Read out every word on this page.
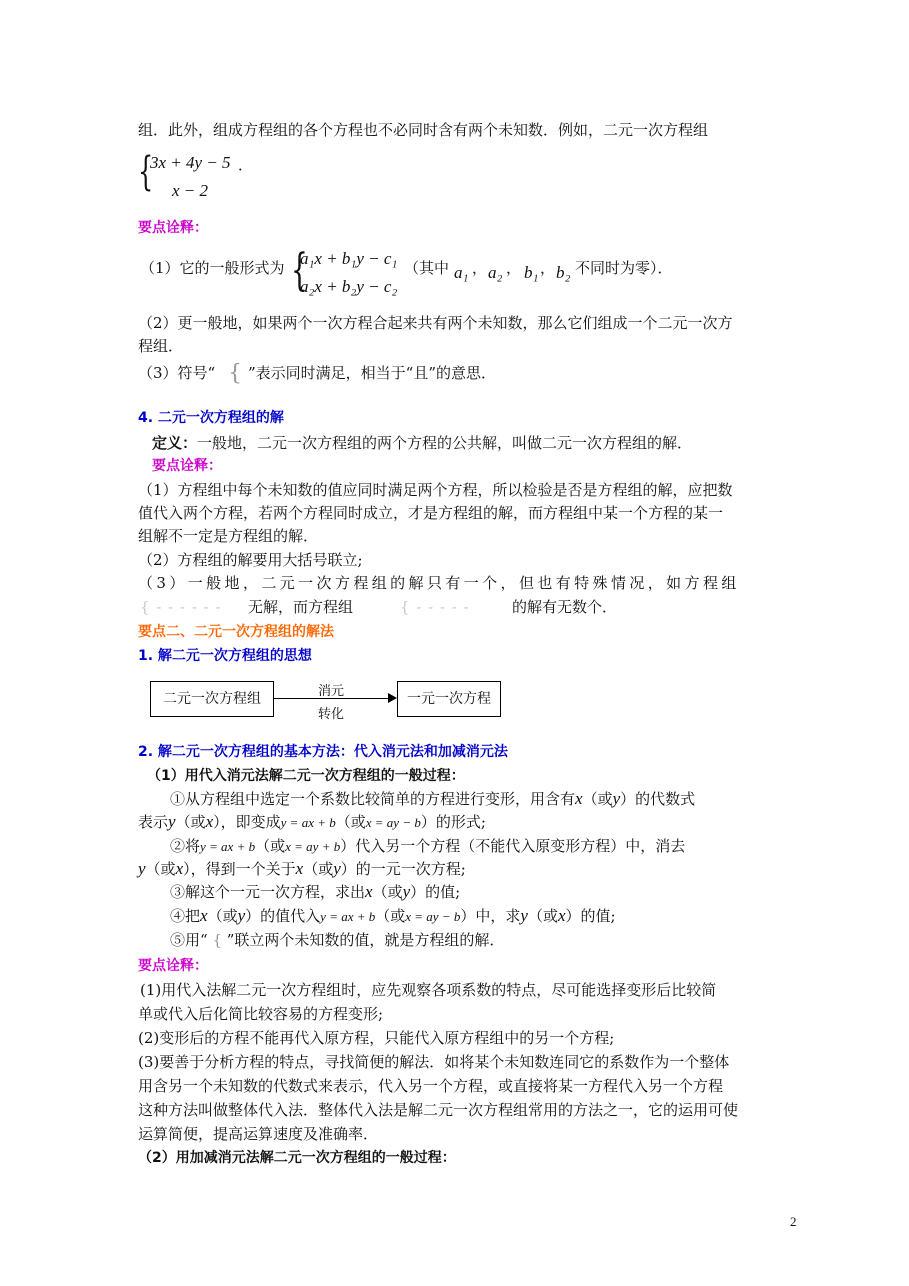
组．此外，组成方程组的各个方程也不必同时含有两个未知数．例如，二元一次方程组
{
3x + 4y − 5 ．
x − 2
要点诠释：
（1）它的一般形式为 {
a₁x + b₁y − c₁
a₂x + b₂y − c₂
（其中 a₁ ， a₂ ， b₁ ， b₂ 不同时为零）．
（2）更一般地，如果两个一次方程合起来共有两个未知数，那么它们组成一个二元一次方
程组．
（3）符号“ { ”表示同时满足，相当于“且”的意思．
4. 二元一次方程组的解
定义：一般地，二元一次方程组的两个方程的公共解，叫做二元一次方程组的解．
要点诠释：
（1）方程组中每个未知数的值应同时满足两个方程，所以检验是否是方程组的解，应把数
值代入两个方程，若两个方程同时成立，才是方程组的解，而方程组中某一个方程的某一
组解不一定是方程组的解．
（2）方程组的解要用大括号联立;
（3）一般地，二元一次方程组的解只有一个，但也有特殊情况，如方程组
{ ‑ ‑ ‑ ‑ ‑ ‑ 无解，而方程组	{ ‑ ‑ ‑ ‑ ‑	的解有无数个．
要点二、二元一次方程组的解法
1. 解二元一次方程组的思想
二元一次方程组	一元一次方程
消元
转化
2. 解二元一次方程组的基本方法：代入消元法和加减消元法
（1）用代入消元法解二元一次方程组的一般过程：
①从方程组中选定一个系数比较简单的方程进行变形，用含有x（或y）的代数式
表示y（或x），即变成y = ax + b（或x = ay − b）的形式;
②将y = ax + b（或x = ay + b）代入另一个方程（不能代入原变形方程）中，消去
y（或x），得到一个关于x（或y）的一元一次方程;
③解这个一元一次方程，求出x（或y）的值;
④把x（或y）的值代入y = ax + b（或x = ay − b）中，求y（或x）的值;
⑤用“ { ”联立两个未知数的值，就是方程组的解．
要点诠释：
(1)用代入法解二元一次方程组时，应先观察各项系数的特点，尽可能选择变形后比较简
单或代入后化简比较容易的方程变形;
(2)变形后的方程不能再代入原方程，只能代入原方程组中的另一个方程;
(3)要善于分析方程的特点，寻找简便的解法．如将某个未知数连同它的系数作为一个整体
用含另一个未知数的代数式来表示，代入另一个方程，或直接将某一方程代入另一个方程
这种方法叫做整体代入法．整体代入法是解二元一次方程组常用的方法之一，它的运用可使
运算简便，提高运算速度及准确率．
（2）用加减消元法解二元一次方程组的一般过程：
2
